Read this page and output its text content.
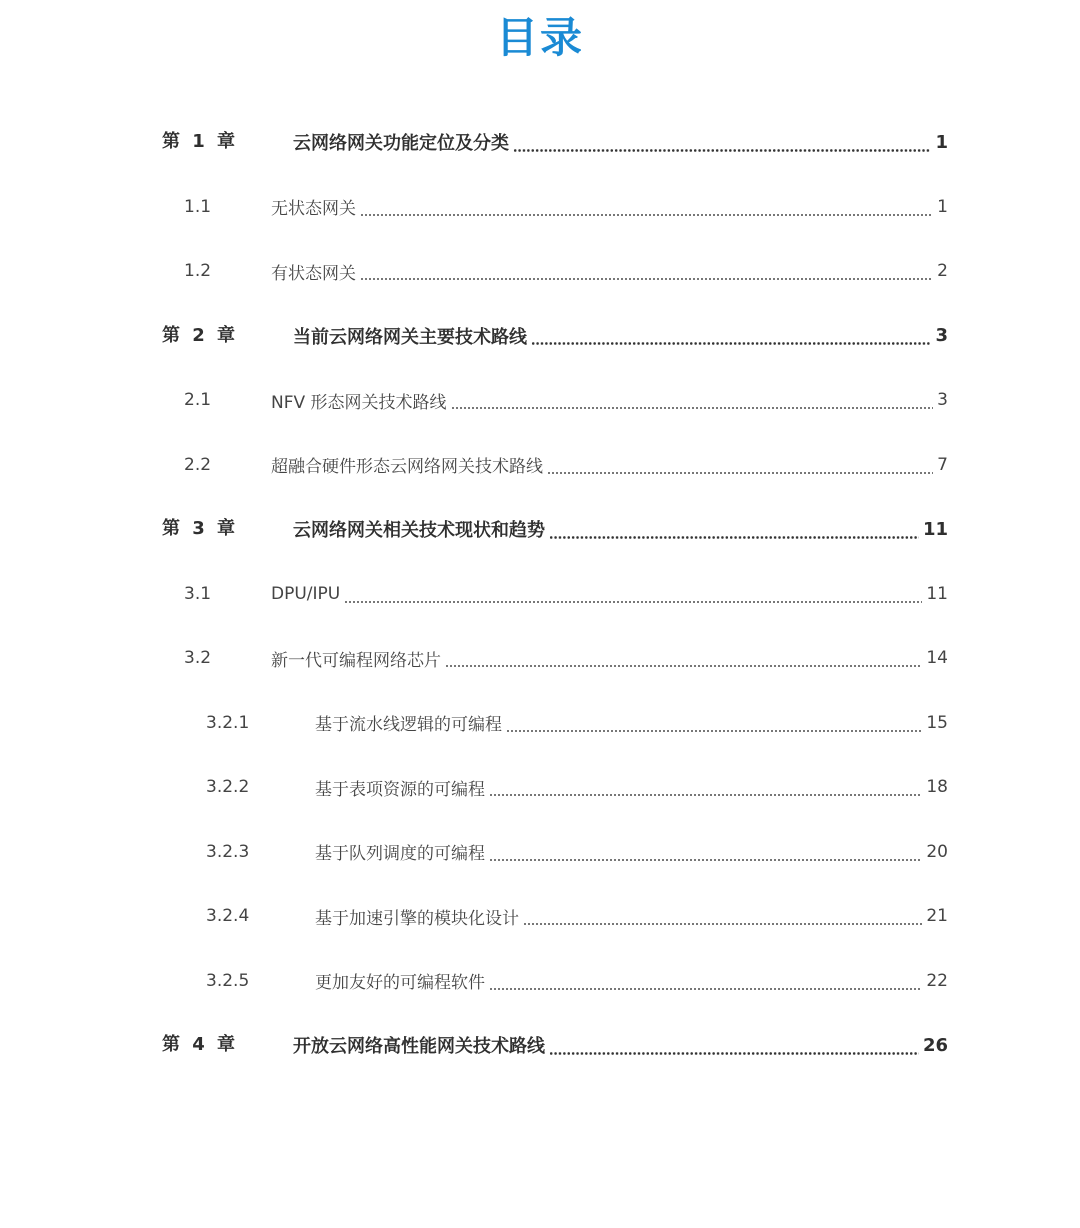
目录
第 1 章	云网络网关功能定位及分类	1
1.1	无状态网关	1
1.2	有状态网关	2
第 2 章	当前云网络网关主要技术路线	3
2.1	NFV 形态网关技术路线	3
2.2	超融合硬件形态云网络网关技术路线	7
第 3 章	云网络网关相关技术现状和趋势	11
3.1	DPU/IPU	11
3.2	新一代可编程网络芯片	14
3.2.1	基于流水线逻辑的可编程	15
3.2.2	基于表项资源的可编程	18
3.2.3	基于队列调度的可编程	20
3.2.4	基于加速引擎的模块化设计	21
3.2.5	更加友好的可编程软件	22
第 4 章	开放云网络高性能网关技术路线	26
